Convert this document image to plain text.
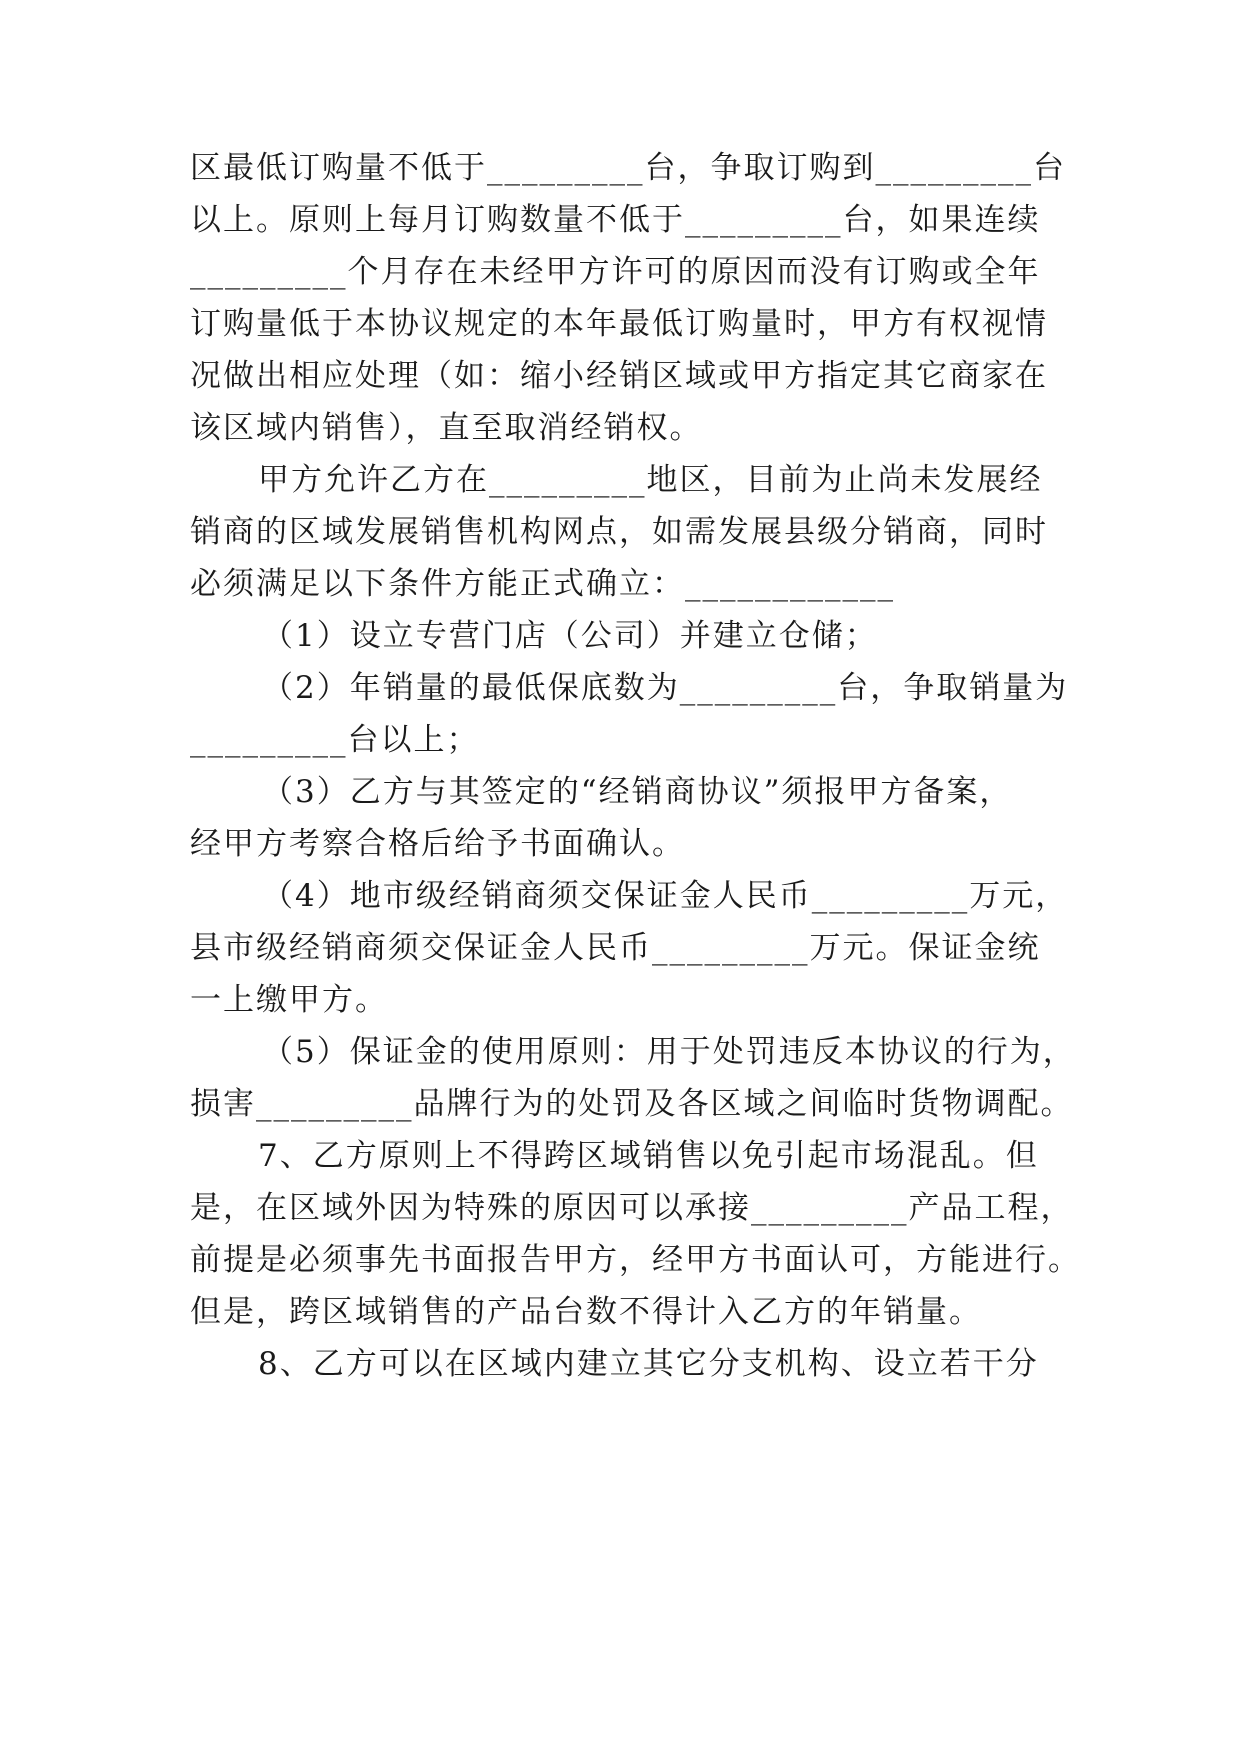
区最低订购量不低于_________台，争取订购到_________台
以上。原则上每月订购数量不低于_________台，如果连续
_________个月存在未经甲方许可的原因而没有订购或全年
订购量低于本协议规定的本年最低订购量时，甲方有权视情
况做出相应处理（如：缩小经销区域或甲方指定其它商家在
该区域内销售），直至取消经销权。
甲方允许乙方在_________地区，目前为止尚未发展经
销商的区域发展销售机构网点，如需发展县级分销商，同时
必须满足以下条件方能正式确立：____________
（1）设立专营门店（公司）并建立仓储；
（2）年销量的最低保底数为_________台，争取销量为
_________台以上；
（3）乙方与其签定的“经销商协议”须报甲方备案，
经甲方考察合格后给予书面确认。
（4）地市级经销商须交保证金人民币_________万元，
县市级经销商须交保证金人民币_________万元。保证金统
一上缴甲方。
（5）保证金的使用原则：用于处罚违反本协议的行为，
损害_________品牌行为的处罚及各区域之间临时货物调配。
7、乙方原则上不得跨区域销售以免引起市场混乱。但
是，在区域外因为特殊的原因可以承接_________产品工程，
前提是必须事先书面报告甲方，经甲方书面认可，方能进行。
但是，跨区域销售的产品台数不得计入乙方的年销量。
8、乙方可以在区域内建立其它分支机构、设立若干分
